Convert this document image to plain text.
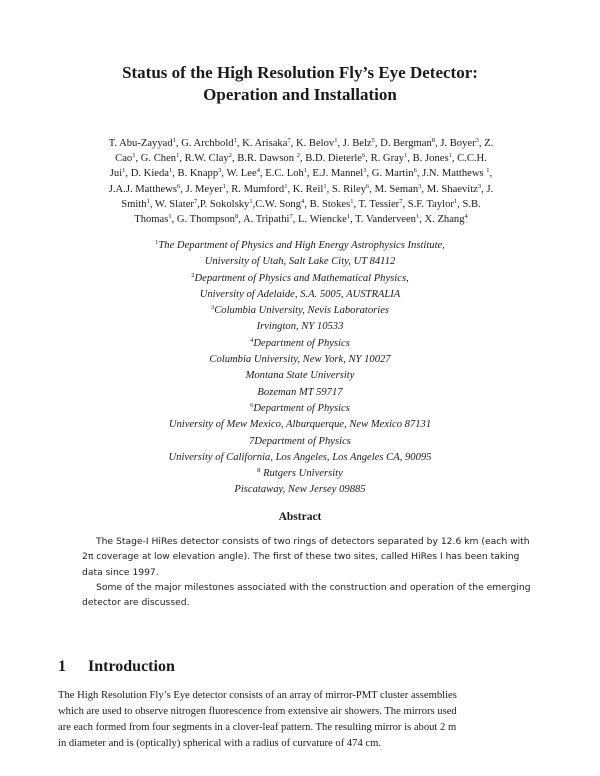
Status of the High Resolution Fly’s Eye Detector:
Operation and Installation
T. Abu-Zayyad$^1$, G. Archbold$^1$, K. Arisaka$^7$, K. Belov$^1$, J. Belz$^5$, D. Bergman$^8$, J. Boyer$^3$, Z.
Cao$^1$, G. Chen$^1$, R.W. Clay$^2$, B.R. Dawson $^2$, B.D. Dieterle$^6$, R. Gray$^1$, B. Jones$^1$, C.C.H.
Jui$^1$, D. Kieda$^1$, B. Knapp$^3$, W. Lee$^4$, E.C. Loh$^1$, E.J. Mannel$^3$, G. Martin$^6$, J.N. Matthews $^1$,
J.A.J. Matthews$^6$, J. Meyer$^1$, R. Mumford$^1$, K. Reil$^1$, S. Riley$^6$, M. Seman$^3$, M. Shaevitz$^3$, J.
Smith$^1$, W. Slater$^7$,P. Sokolsky$^1$,C.W. Song$^4$, B. Stokes$^1$, T. Tessier$^7$, S.F. Taylor$^1$, S.B.
Thomas$^1$, G. Thompson$^8$, A. Tripathi$^7$, L. Wiencke$^1$, T. Vanderveen$^1$, X. Zhang$^4$
$^1$The Department of Physics and High Energy Astrophysics Institute,
University of Utah, Salt Lake City, UT 84112
$^2$Department of Physics and Mathematical Physics,
University of Adelaide, S.A. 5005, AUSTRALIA
$^3$Columbia University, Nevis Laboratories
Irvington, NY 10533
$^4$Department of Physics
Columbia University, New York, NY 10027
Montana State University
Bozeman MT 59717
$^6$Department of Physics
University of Mew Mexico, Alburquerque, New Mexico 87131
7Department of Physics
University of California, Los Angeles, Los Angeles CA, 90095
$^8$ Rutgers University
Piscataway, New Jersey 09885
Abstract

The Stage-I HiRes detector consists of two rings of detectors separated by 12.6 km (each with 2π coverage at low elevation angle). The first of these two sites, called HiRes I has been taking data since 1997.

Some of the major milestones associated with the construction and operation of the emerging detector are discussed.

1 Introduction
The High Resolution Fly’s Eye detector consists of an array of mirror-PMT cluster assemblies
which are used to observe nitrogen fluorescence from extensive air showers. The mirrors used
are each formed from four segments in a clover-leaf pattern. The resulting mirror is about 2 m
in diameter and is (optically) spherical with a radius of curvature of 474 cm.
